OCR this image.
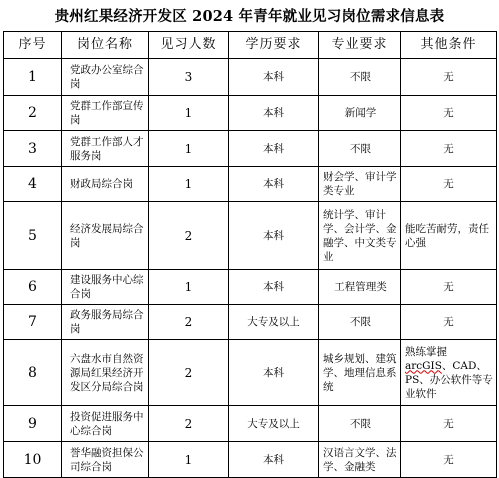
贵州红果经济开发区 2024 年青年就业见习岗位需求信息表
序号	岗位名称	见习人数	学历要求	专业要求	其他条件
1	党政办公室综合岗	3	本科	不限	无
2	党群工作部宣传岗	1	本科	新闻学	无
3	党群工作部人才服务岗	1	本科	不限	无
4	财政局综合岗	1	本科	财会学、审计学类专业	无
5	经济发展局综合岗	2	本科	统计学、审计学、会计学、金融学、中文类专业	能吃苦耐劳，责任心强
6	建设服务中心综合岗	1	本科	工程管理类	无
7	政务服务局综合岗	2	大专及以上	不限	无
8	六盘水市自然资源局红果经济开发区分局综合岗	2	本科	城乡规划、建筑学、地理信息系统	熟练掌握arcGIS、CAD、PS、办公软件等专业软件
9	投资促进服务中心综合岗	2	大专及以上	不限	无
10	誉华融资担保公司综合岗	1	本科	汉语言文学、法学、金融类	无
